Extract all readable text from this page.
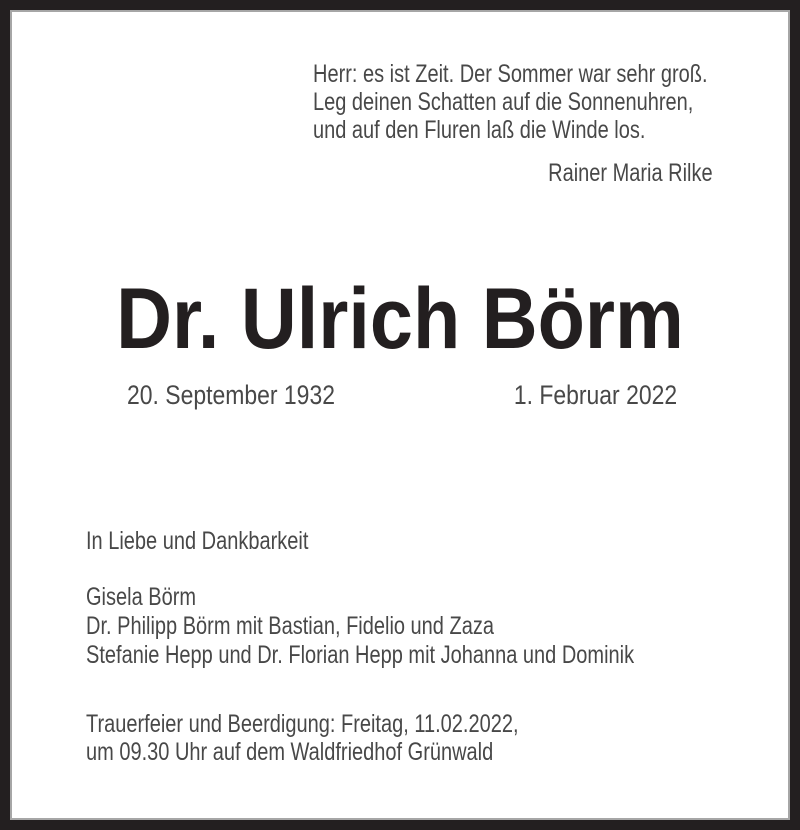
Herr: es ist Zeit. Der Sommer war sehr groß.
Leg deinen Schatten auf die Sonnenuhren,
und auf den Fluren laß die Winde los.
Rainer Maria Rilke
Dr. Ulrich Börm
20. September 1932	1. Februar 2022
In Liebe und Dankbarkeit
Gisela Börm
Dr. Philipp Börm mit Bastian, Fidelio und Zaza
Stefanie Hepp und Dr. Florian Hepp mit Johanna und Dominik
Trauerfeier und Beerdigung: Freitag, 11.02.2022,
um 09.30 Uhr auf dem Waldfriedhof Grünwald
